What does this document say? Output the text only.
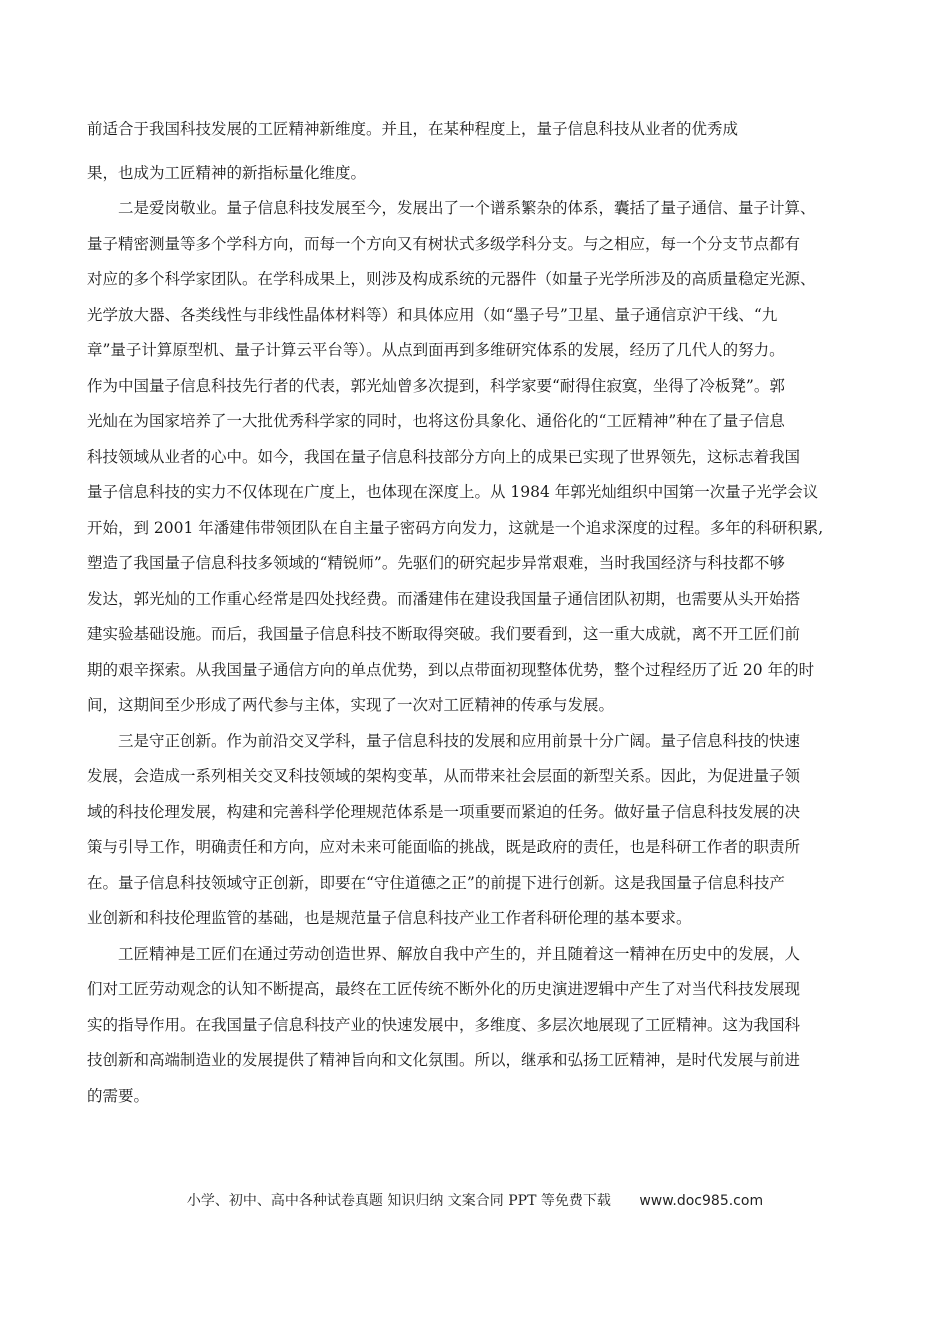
前适合于我国科技发展的工匠精神新维度。并且，在某种程度上，量子信息科技从业者的优秀成
果，也成为工匠精神的新指标量化维度。
　　二是爱岗敬业。量子信息科技发展至今，发展出了一个谱系繁杂的体系，囊括了量子通信、量子计算、
量子精密测量等多个学科方向，而每一个方向又有树状式多级学科分支。与之相应，每一个分支节点都有
对应的多个科学家团队。在学科成果上，则涉及构成系统的元器件（如量子光学所涉及的高质量稳定光源、
光学放大器、各类线性与非线性晶体材料等）和具体应用（如“墨子号”卫星、量子通信京沪干线、“九
章”量子计算原型机、量子计算云平台等）。从点到面再到多维研究体系的发展，经历了几代人的努力。
作为中国量子信息科技先行者的代表，郭光灿曾多次提到，科学家要“耐得住寂寞，坐得了冷板凳”。郭
光灿在为国家培养了一大批优秀科学家的同时，也将这份具象化、通俗化的“工匠精神”种在了量子信息
科技领域从业者的心中。如今，我国在量子信息科技部分方向上的成果已实现了世界领先，这标志着我国
量子信息科技的实力不仅体现在广度上，也体现在深度上。从 1984 年郭光灿组织中国第一次量子光学会议
开始，到 2001 年潘建伟带领团队在自主量子密码方向发力，这就是一个追求深度的过程。多年的科研积累,
塑造了我国量子信息科技多领域的“精锐师”。先驱们的研究起步异常艰难，当时我国经济与科技都不够
发达，郭光灿的工作重心经常是四处找经费。而潘建伟在建设我国量子通信团队初期，也需要从头开始搭
建实验基础设施。而后，我国量子信息科技不断取得突破。我们要看到，这一重大成就，离不开工匠们前
期的艰辛探索。从我国量子通信方向的单点优势，到以点带面初现整体优势，整个过程经历了近 20 年的时
间，这期间至少形成了两代参与主体，实现了一次对工匠精神的传承与发展。
　　三是守正创新。作为前沿交叉学科，量子信息科技的发展和应用前景十分广阔。量子信息科技的快速
发展，会造成一系列相关交叉科技领域的架构变革，从而带来社会层面的新型关系。因此，为促进量子领
域的科技伦理发展，构建和完善科学伦理规范体系是一项重要而紧迫的任务。做好量子信息科技发展的决
策与引导工作，明确责任和方向，应对未来可能面临的挑战，既是政府的责任，也是科研工作者的职责所
在。量子信息科技领域守正创新，即要在“守住道德之正”的前提下进行创新。这是我国量子信息科技产
业创新和科技伦理监管的基础，也是规范量子信息科技产业工作者科研伦理的基本要求。
　　工匠精神是工匠们在通过劳动创造世界、解放自我中产生的，并且随着这一精神在历史中的发展，人
们对工匠劳动观念的认知不断提高，最终在工匠传统不断外化的历史演进逻辑中产生了对当代科技发展现
实的指导作用。在我国量子信息科技产业的快速发展中，多维度、多层次地展现了工匠精神。这为我国科
技创新和高端制造业的发展提供了精神旨向和文化氛围。所以，继承和弘扬工匠精神，是时代发展与前进
的需要。
小学、初中、高中各种试卷真题 知识归纳 文案合同 PPT 等免费下载 www.doc985.com
